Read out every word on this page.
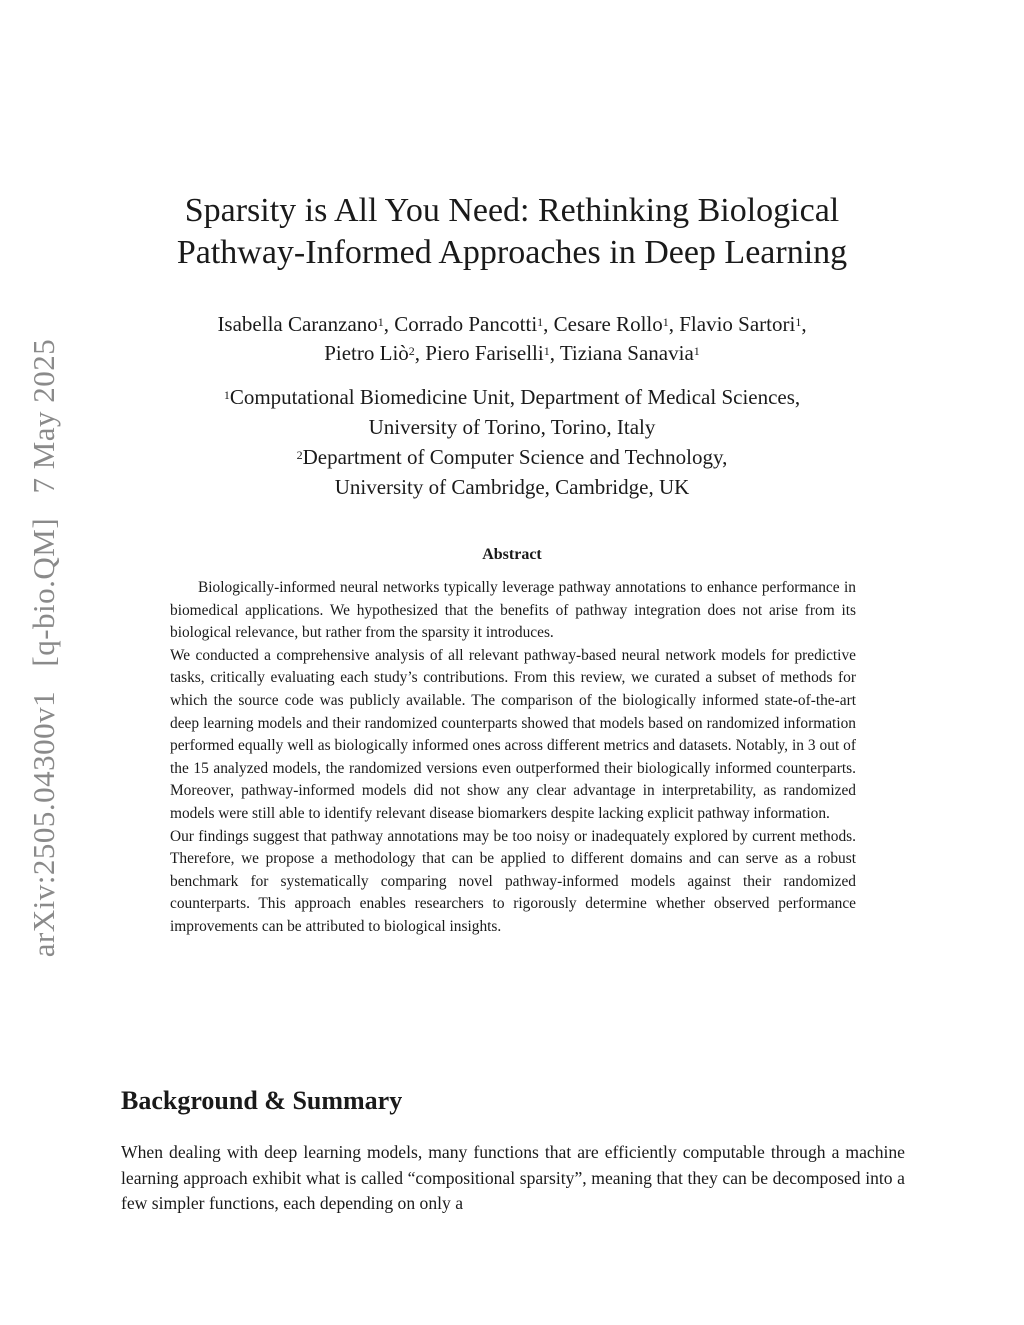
arXiv:2505.04300v1 [q-bio.QM] 7 May 2025
Sparsity is All You Need: Rethinking Biological
Pathway-Informed Approaches in Deep Learning
Isabella Caranzano$^1$, Corrado Pancotti$^1$, Cesare Rollo$^1$, Flavio Sartori$^1$,
Pietro Liò$^2$, Piero Fariselli$^1$, Tiziana Sanavia$^1$
$^1$Computational Biomedicine Unit, Department of Medical Sciences,
University of Torino, Torino, Italy
$^2$Department of Computer Science and Technology,
University of Cambridge, Cambridge, UK
Abstract

Biologically-informed neural networks typically leverage pathway annotations to enhance performance in biomedical applications. We hypothesized that the benefits of pathway integration does not arise from its biological relevance, but rather from the sparsity it introduces.

We conducted a comprehensive analysis of all relevant pathway-based neural network models for predictive tasks, critically evaluating each study’s contributions. From this review, we curated a subset of methods for which the source code was publicly available. The comparison of the biologically informed state-of-the-art deep learning models and their randomized counterparts showed that models based on randomized information performed equally well as biologically informed ones across different metrics and datasets. Notably, in 3 out of the 15 analyzed models, the randomized versions even outperformed their biologically informed counterparts. Moreover, pathway-informed models did not show any clear advantage in interpretability, as randomized models were still able to identify relevant disease biomarkers despite lacking explicit pathway information.

Our findings suggest that pathway annotations may be too noisy or inadequately explored by current methods. Therefore, we propose a methodology that can be applied to different domains and can serve as a robust benchmark for systematically comparing novel pathway-informed models against their randomized counterparts. This approach enables researchers to rigorously determine whether observed performance improvements can be attributed to biological insights.

Background & Summary

When dealing with deep learning models, many functions that are efficiently computable through a machine learning approach exhibit what is called “compositional sparsity”, meaning that they can be decomposed into a few simpler functions, each depending on only a
